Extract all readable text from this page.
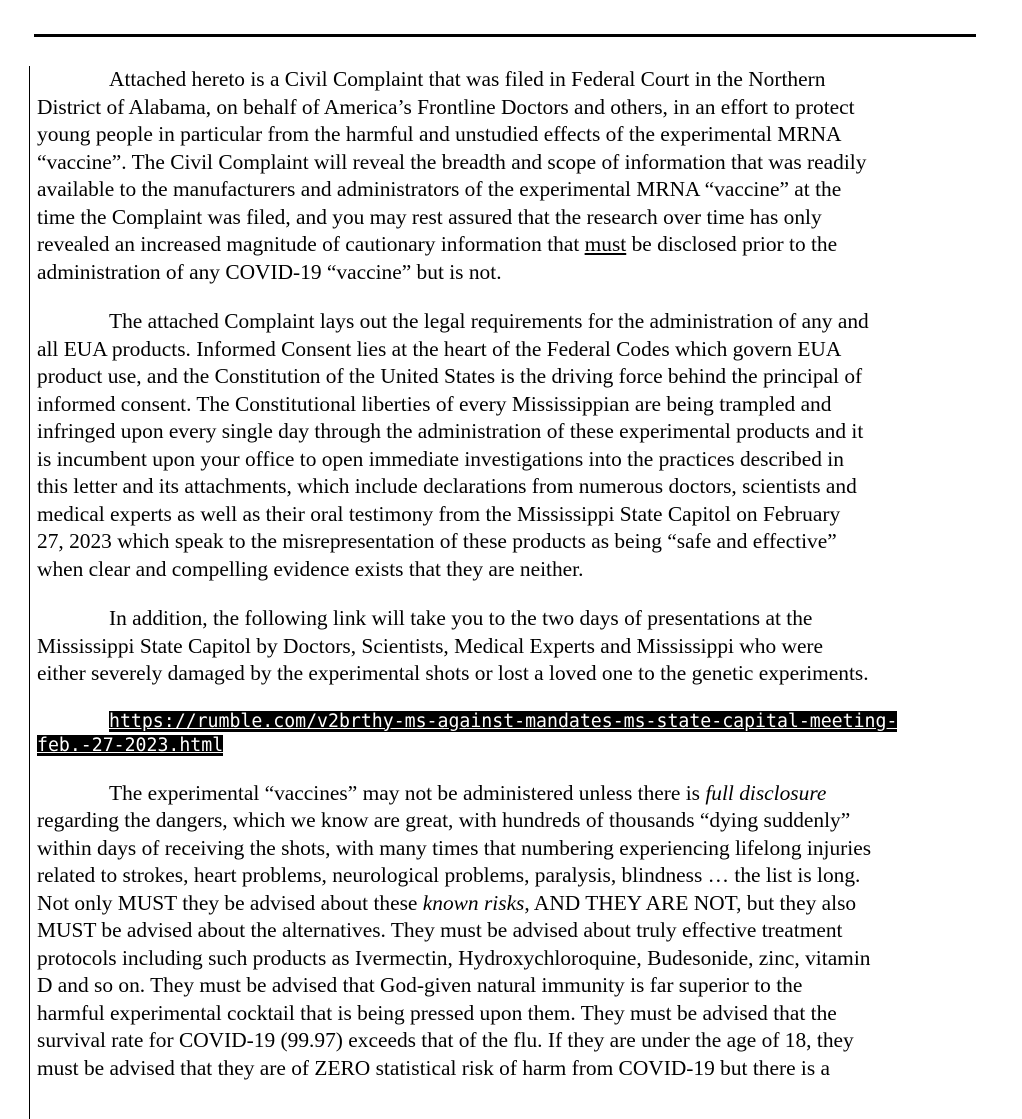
Attached hereto is a Civil Complaint that was filed in Federal Court in the Northern
District of Alabama, on behalf of America’s Frontline Doctors and others, in an effort to protect
young people in particular from the harmful and unstudied effects of the experimental MRNA
“vaccine”. The Civil Complaint will reveal the breadth and scope of information that was readily
available to the manufacturers and administrators of the experimental MRNA “vaccine” at the
time the Complaint was filed, and you may rest assured that the research over time has only
revealed an increased magnitude of cautionary information that must be disclosed prior to the
administration of any COVID-19 “vaccine” but is not.
The attached Complaint lays out the legal requirements for the administration of any and
all EUA products. Informed Consent lies at the heart of the Federal Codes which govern EUA
product use, and the Constitution of the United States is the driving force behind the principal of
informed consent. The Constitutional liberties of every Mississippian are being trampled and
infringed upon every single day through the administration of these experimental products and it
is incumbent upon your office to open immediate investigations into the practices described in
this letter and its attachments, which include declarations from numerous doctors, scientists and
medical experts as well as their oral testimony from the Mississippi State Capitol on February
27, 2023 which speak to the misrepresentation of these products as being “safe and effective”
when clear and compelling evidence exists that they are neither.
In addition, the following link will take you to the two days of presentations at the
Mississippi State Capitol by Doctors, Scientists, Medical Experts and Mississippi who were
either severely damaged by the experimental shots or lost a loved one to the genetic experiments.
https://rumble.com/v2brthy-ms-against-mandates-ms-state-capital-meeting-
feb.-27-2023.html
The experimental “vaccines” may not be administered unless there is full disclosure
regarding the dangers, which we know are great, with hundreds of thousands “dying suddenly”
within days of receiving the shots, with many times that numbering experiencing lifelong injuries
related to strokes, heart problems, neurological problems, paralysis, blindness … the list is long.
Not only MUST they be advised about these known risks, AND THEY ARE NOT, but they also
MUST be advised about the alternatives. They must be advised about truly effective treatment
protocols including such products as Ivermectin, Hydroxychloroquine, Budesonide, zinc, vitamin
D and so on. They must be advised that God-given natural immunity is far superior to the
harmful experimental cocktail that is being pressed upon them. They must be advised that the
survival rate for COVID-19 (99.97) exceeds that of the flu. If they are under the age of 18, they
must be advised that they are of ZERO statistical risk of harm from COVID-19 but there is a
